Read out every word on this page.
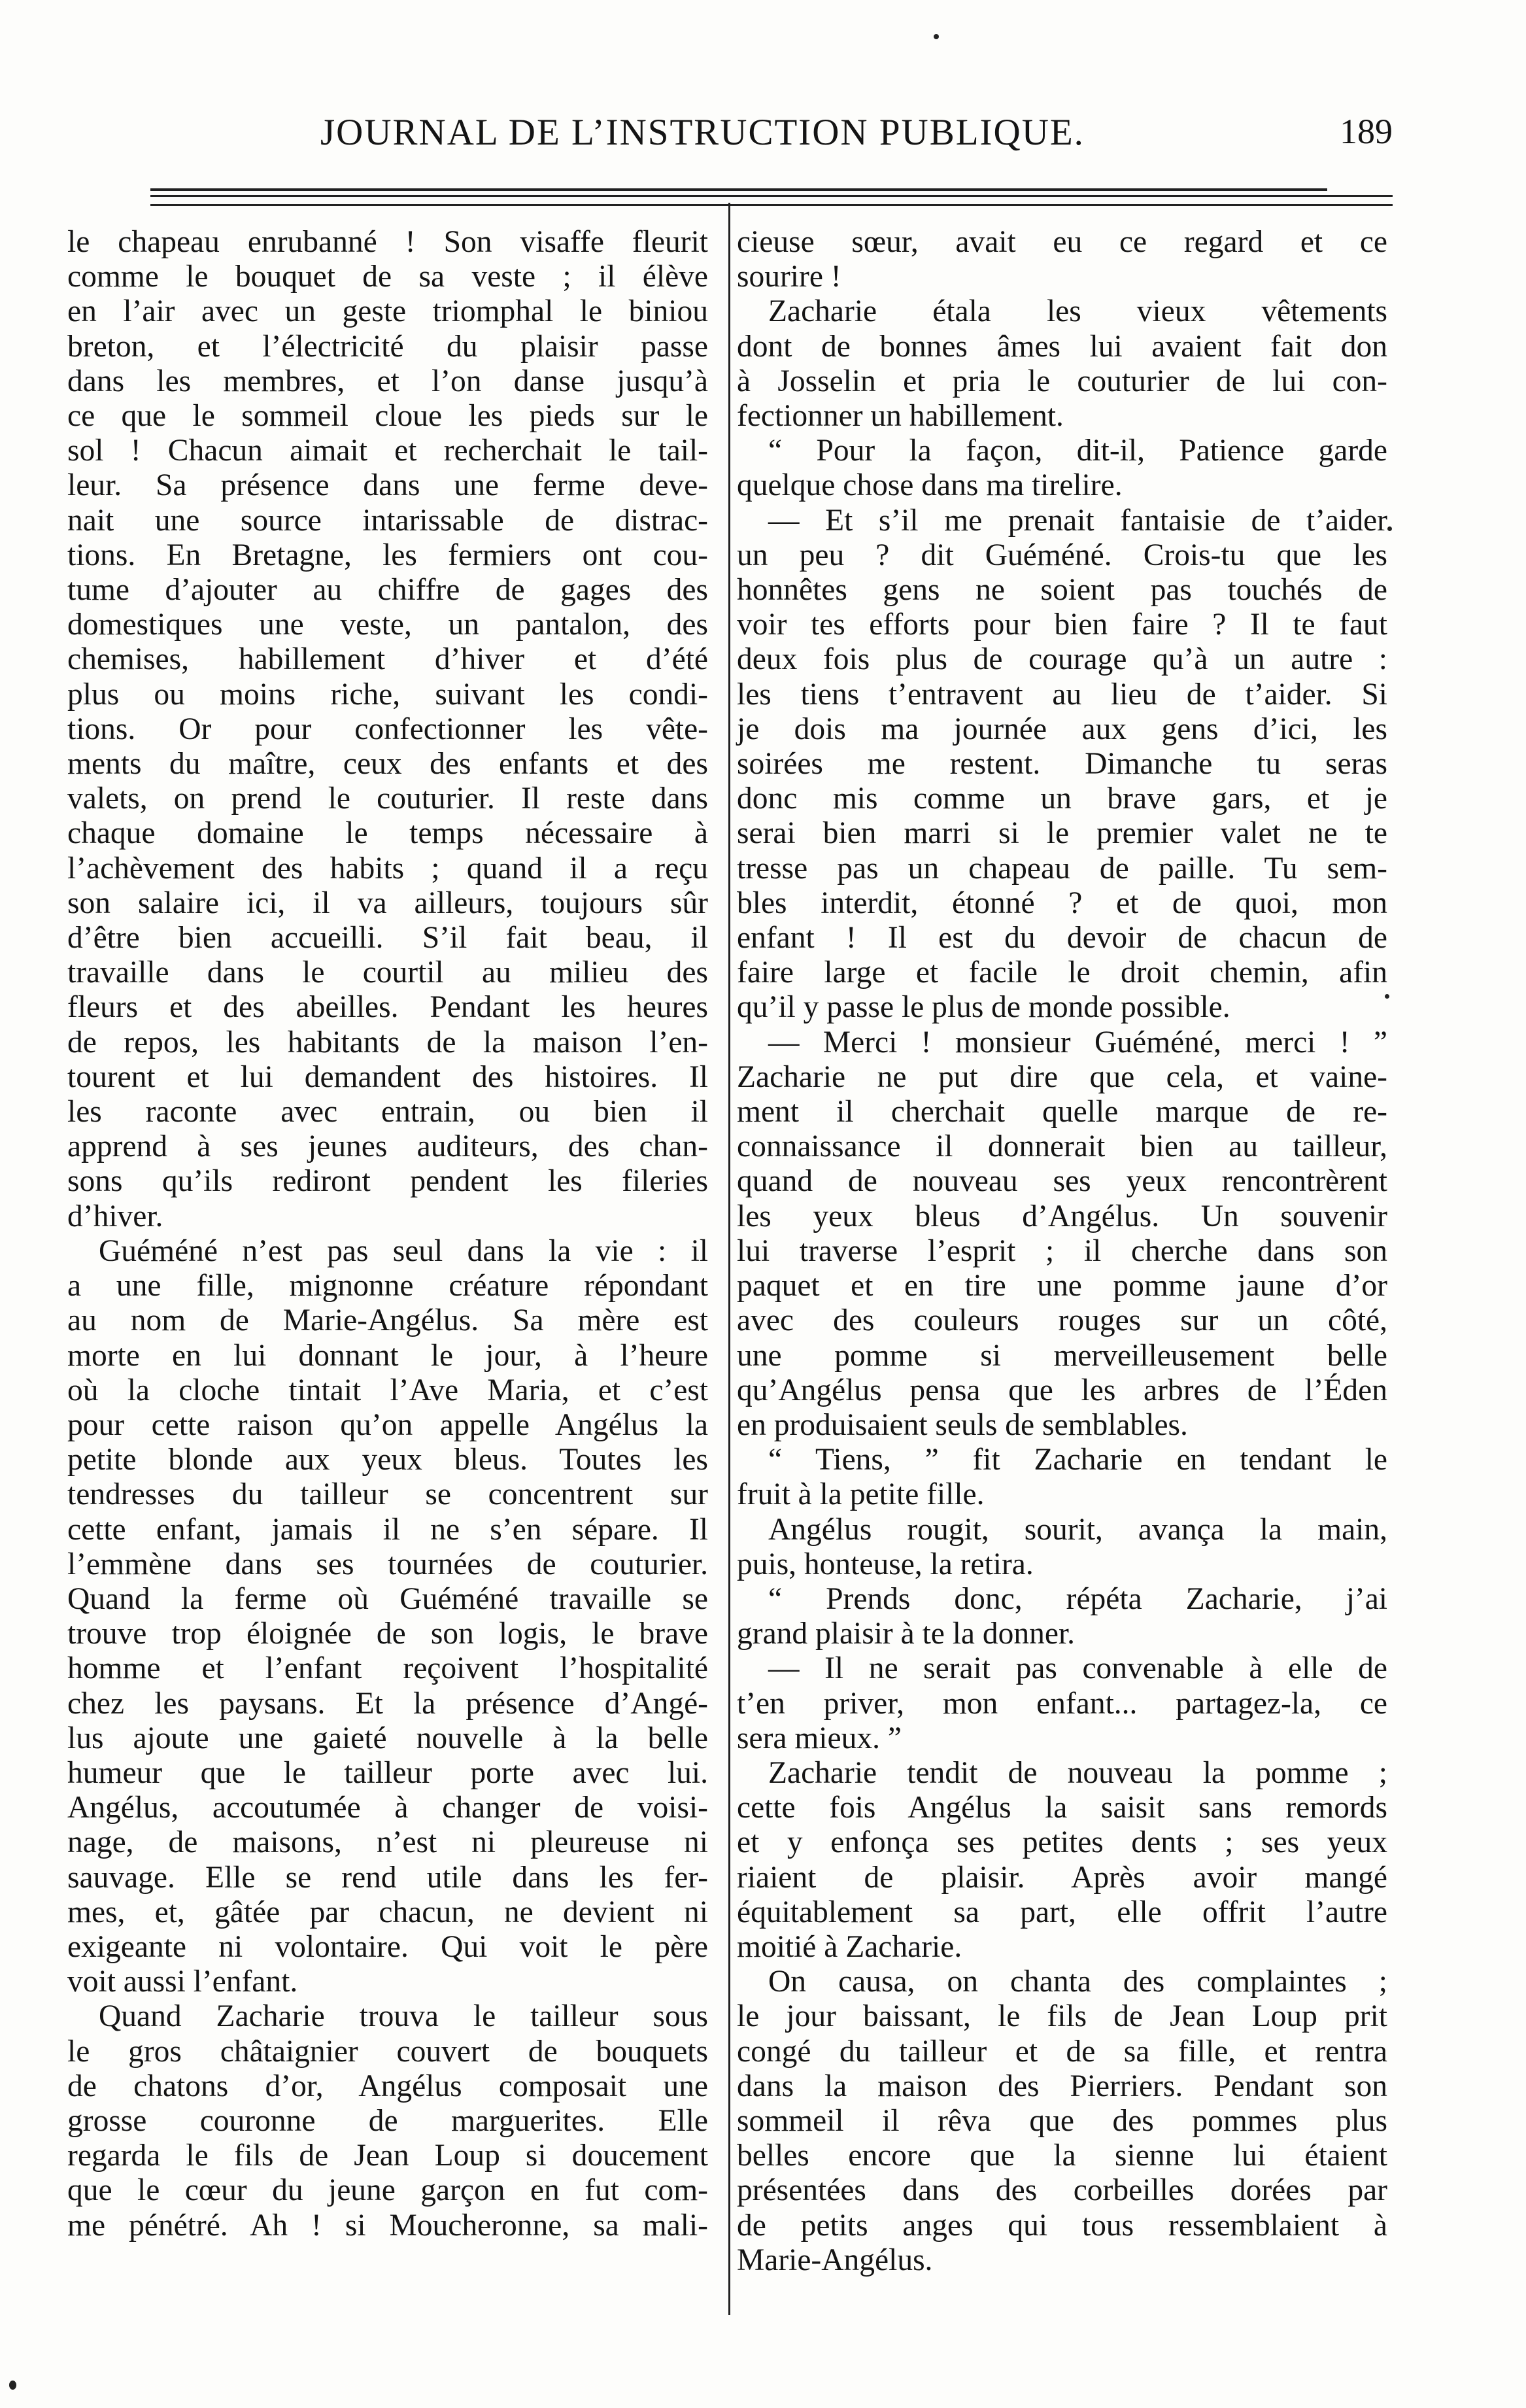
JOURNAL DE L’INSTRUCTION PUBLIQUE.	189
le chapeau enrubanné ! Son visaffe fleurit
comme le bouquet de sa veste ; il élève
en l’air avec un geste triomphal le biniou
breton, et l’électricité du plaisir passe
dans les membres, et l’on danse jusqu’à
ce que le sommeil cloue les pieds sur le
sol ! Chacun aimait et recherchait le tail-
leur. Sa présence dans une ferme deve-
nait une source intarissable de distrac-
tions. En Bretagne, les fermiers ont cou-
tume d’ajouter au chiffre de gages des
domestiques une veste, un pantalon, des
chemises, habillement d’hiver et d’été
plus ou moins riche, suivant les condi-
tions. Or pour confectionner les vête-
ments du maître, ceux des enfants et des
valets, on prend le couturier. Il reste dans
chaque domaine le temps nécessaire à
l’achèvement des habits ; quand il a reçu
son salaire ici, il va ailleurs, toujours sûr
d’être bien accueilli. S’il fait beau, il
travaille dans le courtil au milieu des
fleurs et des abeilles. Pendant les heures
de repos, les habitants de la maison l’en-
tourent et lui demandent des histoires. Il
les raconte avec entrain, ou bien il
apprend à ses jeunes auditeurs, des chan-
sons qu’ils rediront pendent les fileries
d’hiver.
Guéméné n’est pas seul dans la vie : il
a une fille, mignonne créature répondant
au nom de Marie-Angélus. Sa mère est
morte en lui donnant le jour, à l’heure
où la cloche tintait l’Ave Maria, et c’est
pour cette raison qu’on appelle Angélus la
petite blonde aux yeux bleus. Toutes les
tendresses du tailleur se concentrent sur
cette enfant, jamais il ne s’en sépare. Il
l’emmène dans ses tournées de couturier.
Quand la ferme où Guéméné travaille se
trouve trop éloignée de son logis, le brave
homme et l’enfant reçoivent l’hospitalité
chez les paysans. Et la présence d’Angé-
lus ajoute une gaieté nouvelle à la belle
humeur que le tailleur porte avec lui.
Angélus, accoutumée à changer de voisi-
nage, de maisons, n’est ni pleureuse ni
sauvage. Elle se rend utile dans les fer-
mes, et, gâtée par chacun, ne devient ni
exigeante ni volontaire. Qui voit le père
voit aussi l’enfant.
Quand Zacharie trouva le tailleur sous
le gros châtaignier couvert de bouquets
de chatons d’or, Angélus composait une
grosse couronne de marguerites. Elle
regarda le fils de Jean Loup si doucement
que le cœur du jeune garçon en fut com-
me pénétré. Ah ! si Moucheronne, sa mali-
cieuse sœur, avait eu ce regard et ce
sourire !
Zacharie étala les vieux vêtements
dont de bonnes âmes lui avaient fait don
à Josselin et pria le couturier de lui con-
fectionner un habillement.
“ Pour la façon, dit-il, Patience garde
quelque chose dans ma tirelire.
— Et s’il me prenait fantaisie de t’aider
un peu ? dit Guéméné. Crois-tu que les
honnêtes gens ne soient pas touchés de
voir tes efforts pour bien faire ? Il te faut
deux fois plus de courage qu’à un autre :
les tiens t’entravent au lieu de t’aider. Si
je dois ma journée aux gens d’ici, les
soirées me restent. Dimanche tu seras
donc mis comme un brave gars, et je
serai bien marri si le premier valet ne te
tresse pas un chapeau de paille. Tu sem-
bles interdit, étonné ? et de quoi, mon
enfant ! Il est du devoir de chacun de
faire large et facile le droit chemin, afin
qu’il y passe le plus de monde possible.
— Merci ! monsieur Guéméné, merci ! ”
Zacharie ne put dire que cela, et vaine-
ment il cherchait quelle marque de re-
connaissance il donnerait bien au tailleur,
quand de nouveau ses yeux rencontrèrent
les yeux bleus d’Angélus. Un souvenir
lui traverse l’esprit ; il cherche dans son
paquet et en tire une pomme jaune d’or
avec des couleurs rouges sur un côté,
une pomme si merveilleusement belle
qu’Angélus pensa que les arbres de l’Éden
en produisaient seuls de semblables.
“ Tiens, ” fit Zacharie en tendant le
fruit à la petite fille.
Angélus rougit, sourit, avança la main,
puis, honteuse, la retira.
“ Prends donc, répéta Zacharie, j’ai
grand plaisir à te la donner.
— Il ne serait pas convenable à elle de
t’en priver, mon enfant... partagez-la, ce
sera mieux. ”
Zacharie tendit de nouveau la pomme ;
cette fois Angélus la saisit sans remords
et y enfonça ses petites dents ; ses yeux
riaient de plaisir. Après avoir mangé
équitablement sa part, elle offrit l’autre
moitié à Zacharie.
On causa, on chanta des complaintes ;
le jour baissant, le fils de Jean Loup prit
congé du tailleur et de sa fille, et rentra
dans la maison des Pierriers. Pendant son
sommeil il rêva que des pommes plus
belles encore que la sienne lui étaient
présentées dans des corbeilles dorées par
de petits anges qui tous ressemblaient à
Marie-Angélus.
